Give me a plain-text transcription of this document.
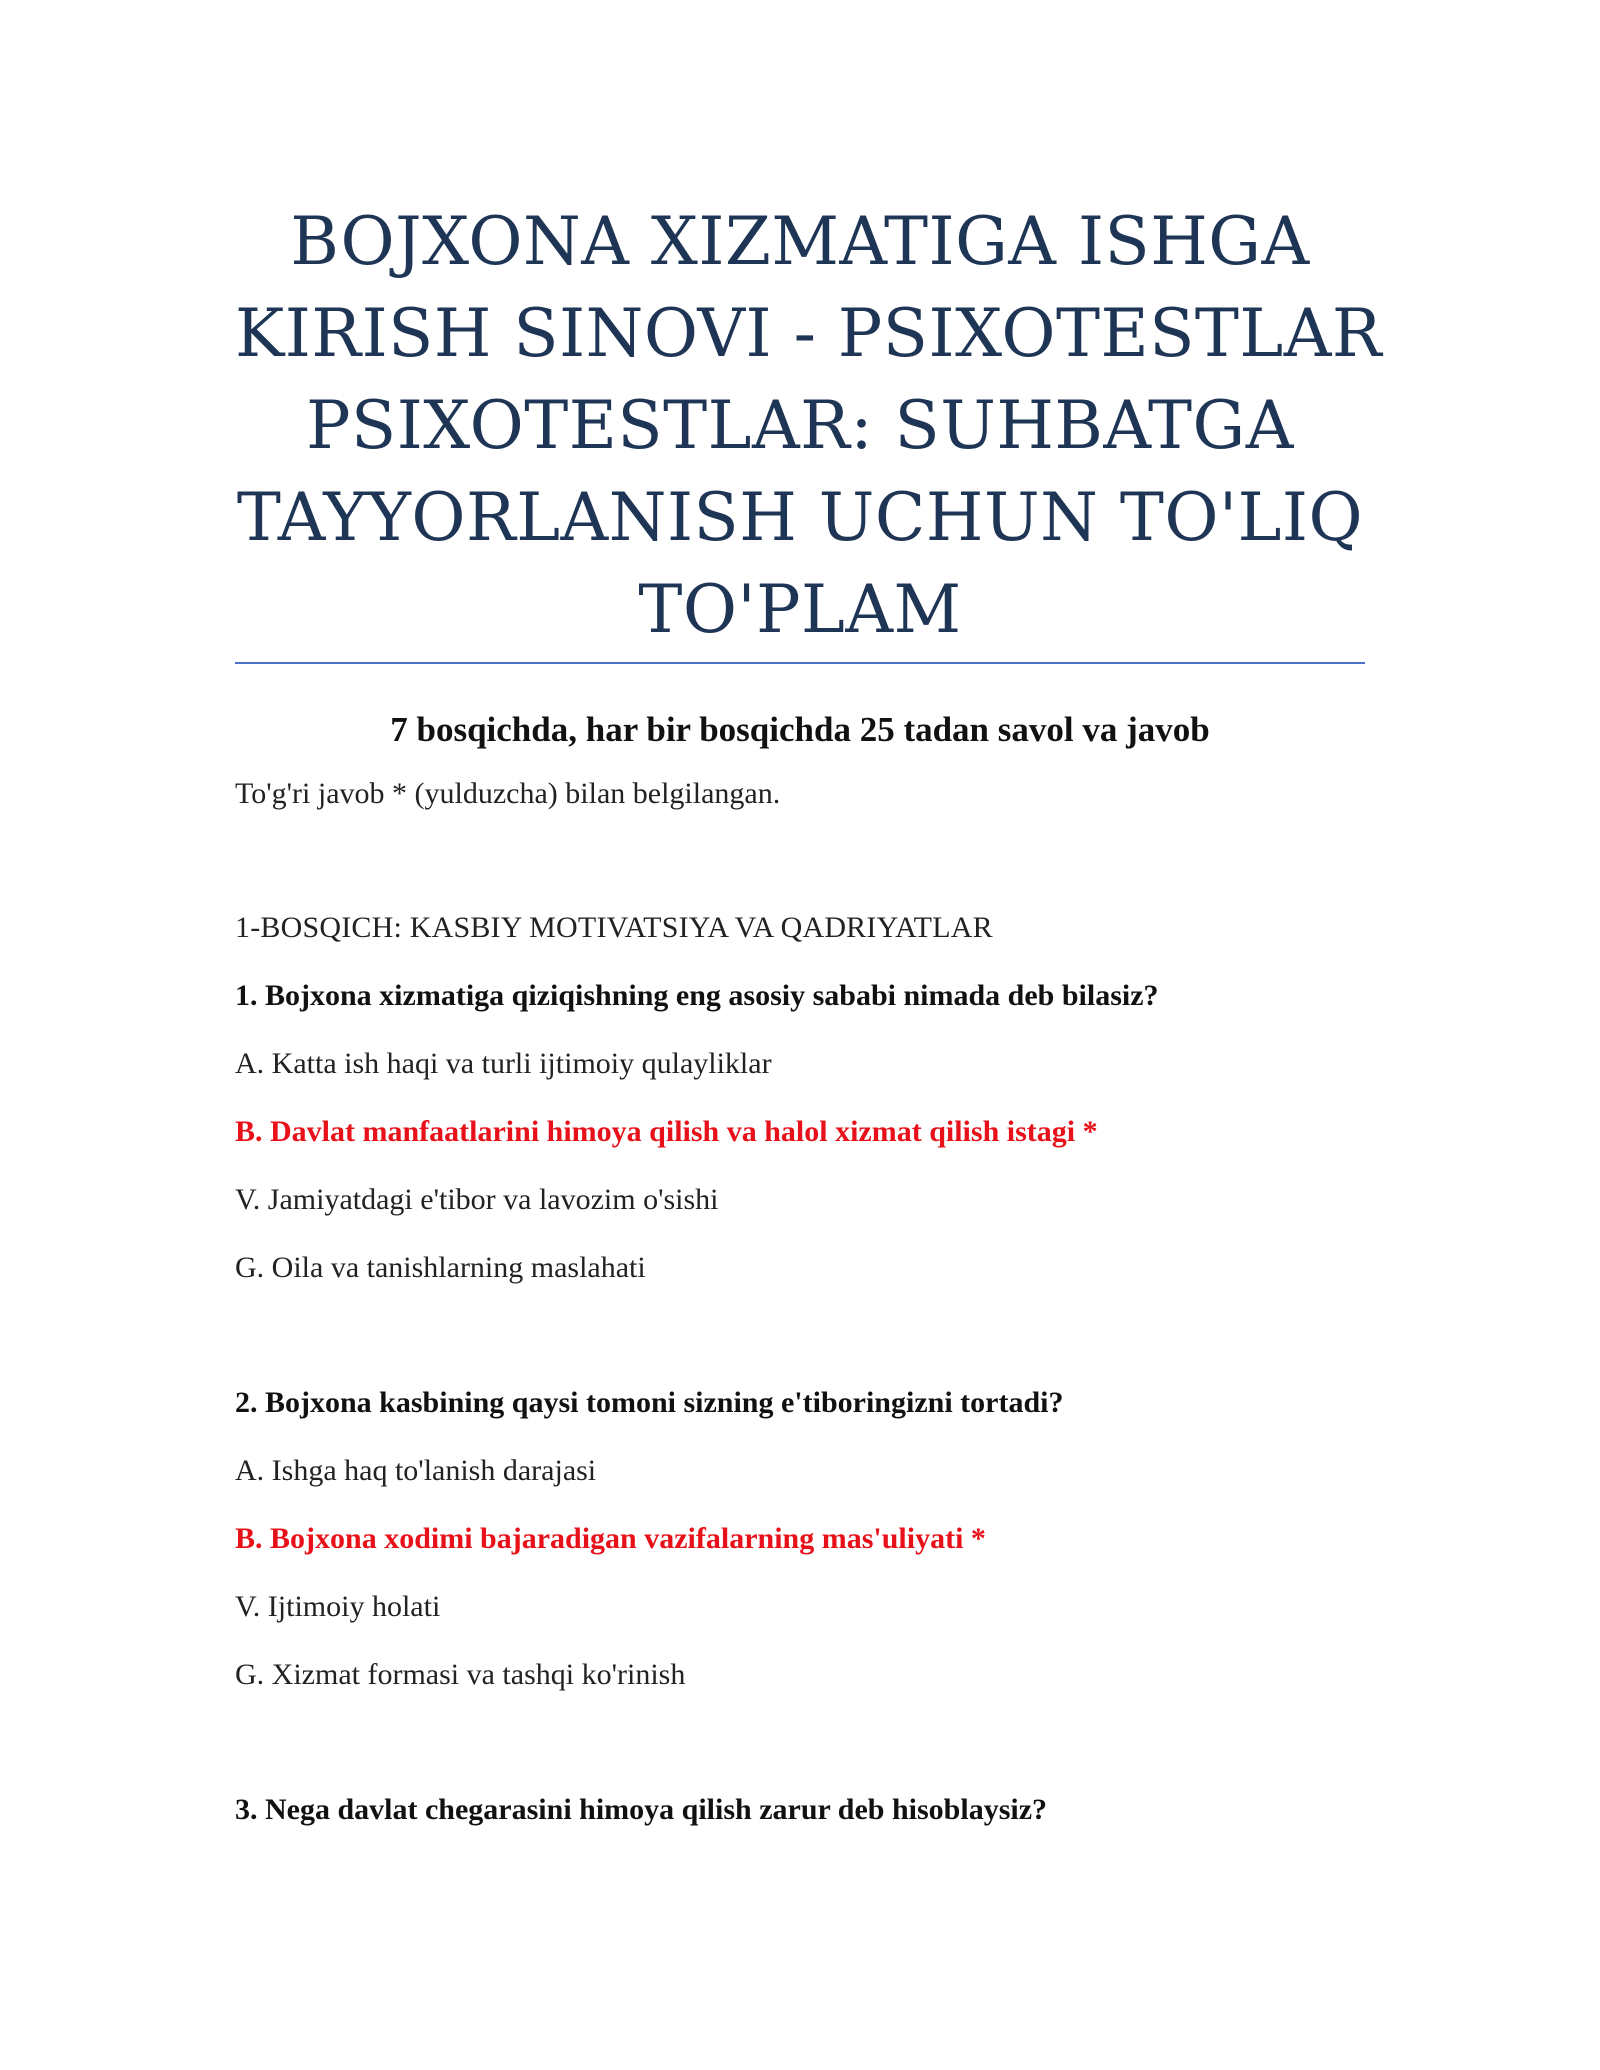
BOJXONA XIZMATIGA ISHGA
KIRISH SINOVI - PSIXOTESTLAR
PSIXOTESTLAR: SUHBATGA
TAYYORLANISH UCHUN TO'LIQ
TO'PLAM

7 bosqichda, har bir bosqichda 25 tadan savol va javob

To'g'ri javob * (yulduzcha) bilan belgilangan.

1-BOSQICH: KASBIY MOTIVATSIYA VA QADRIYATLAR

1. Bojxona xizmatiga qiziqishning eng asosiy sababi nimada deb bilasiz?

A. Katta ish haqi va turli ijtimoiy qulayliklar

B. Davlat manfaatlarini himoya qilish va halol xizmat qilish istagi *

V. Jamiyatdagi e'tibor va lavozim o'sishi

G. Oila va tanishlarning maslahati

2. Bojxona kasbining qaysi tomoni sizning e'tiboringizni tortadi?

A. Ishga haq to'lanish darajasi

B. Bojxona xodimi bajaradigan vazifalarning mas'uliyati *

V. Ijtimoiy holati

G. Xizmat formasi va tashqi ko'rinish

3. Nega davlat chegarasini himoya qilish zarur deb hisoblaysiz?
